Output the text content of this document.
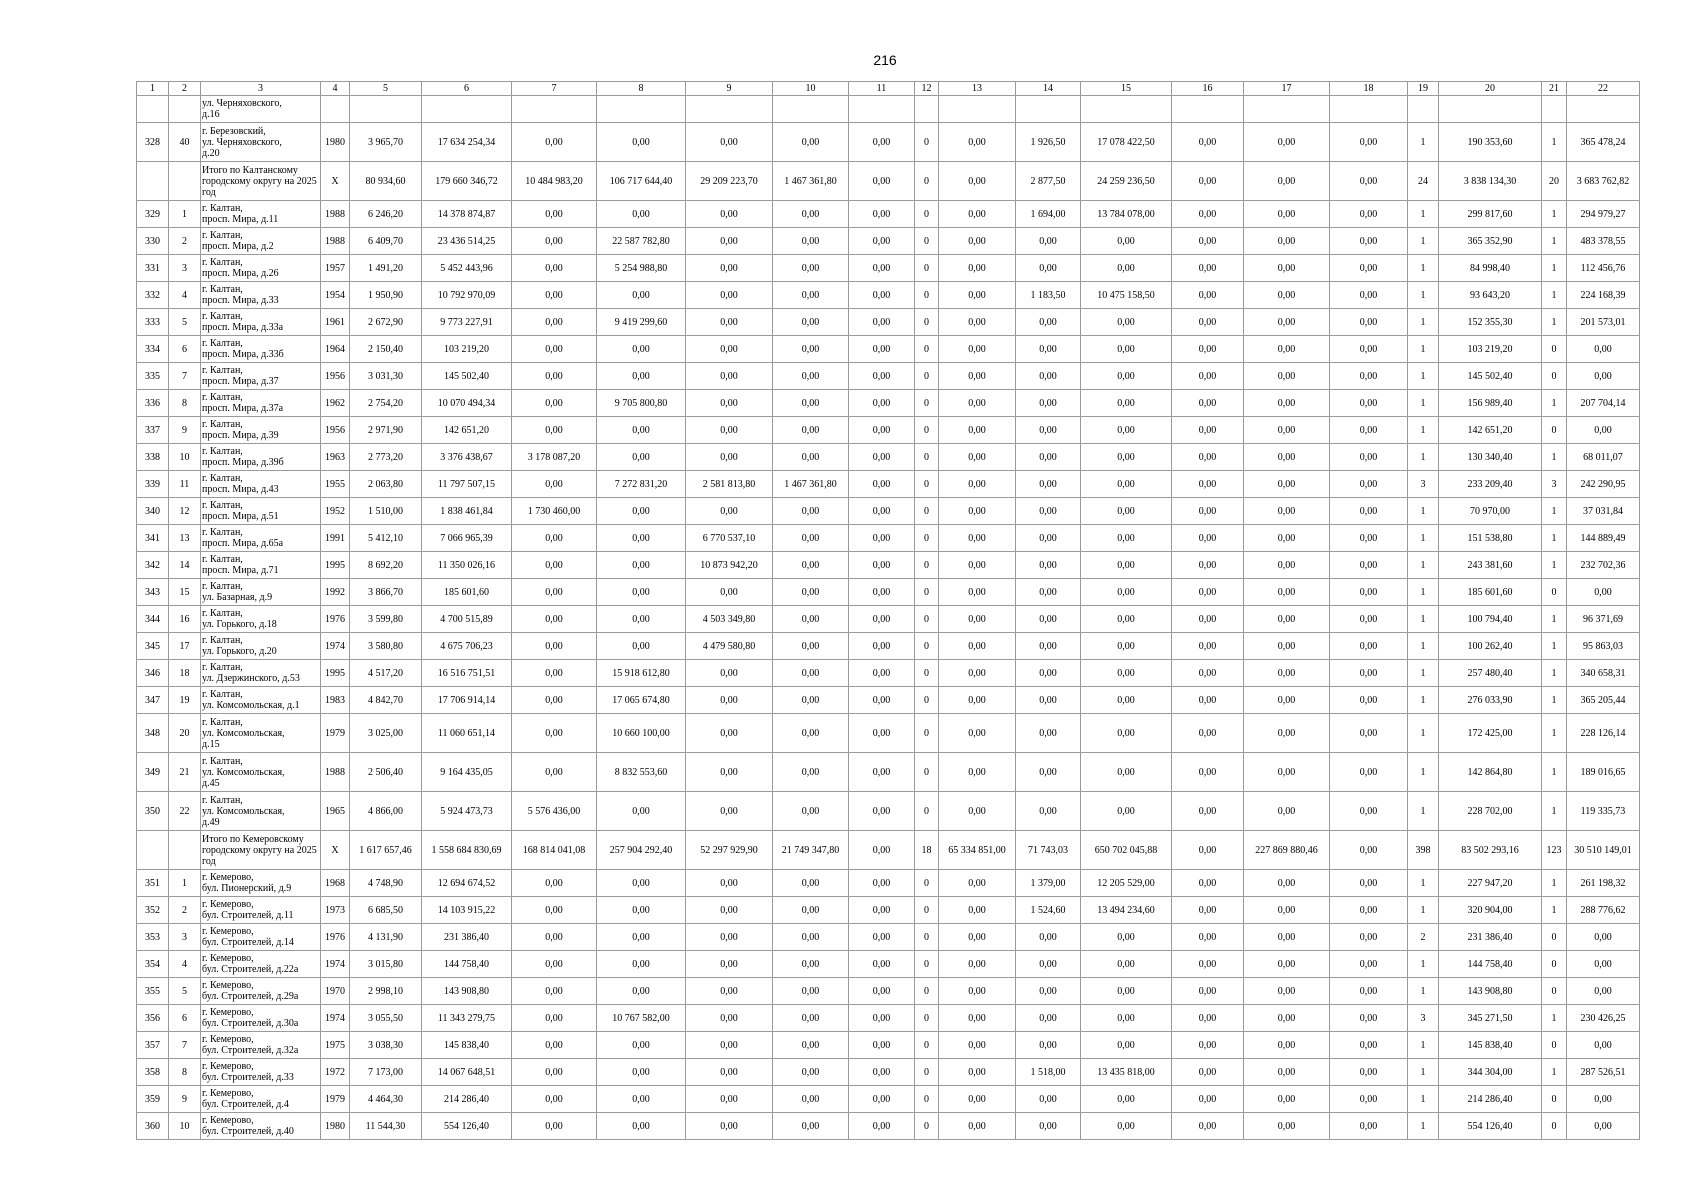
216
1	2	3	4	5	6	7	8	9	10	11	12	13	14	15	16	17	18	19	20	21	22
		ул. Черняховского,
д.16																			
328	40	г. Березовский,
ул. Черняховского,
д.20	1980	3 965,70	17 634 254,34	0,00	0,00	0,00	0,00	0,00	0	0,00	1 926,50	17 078 422,50	0,00	0,00	0,00	1	190 353,60	1	365 478,24
		Итого по Калтанскому
городскому округу на 2025
год	Х	80 934,60	179 660 346,72	10 484 983,20	106 717 644,40	29 209 223,70	1 467 361,80	0,00	0	0,00	2 877,50	24 259 236,50	0,00	0,00	0,00	24	3 838 134,30	20	3 683 762,82
329	1	г. Калтан,
просп. Мира, д.11	1988	6 246,20	14 378 874,87	0,00	0,00	0,00	0,00	0,00	0	0,00	1 694,00	13 784 078,00	0,00	0,00	0,00	1	299 817,60	1	294 979,27
330	2	г. Калтан,
просп. Мира, д.2	1988	6 409,70	23 436 514,25	0,00	22 587 782,80	0,00	0,00	0,00	0	0,00	0,00	0,00	0,00	0,00	0,00	1	365 352,90	1	483 378,55
331	3	г. Калтан,
просп. Мира, д.26	1957	1 491,20	5 452 443,96	0,00	5 254 988,80	0,00	0,00	0,00	0	0,00	0,00	0,00	0,00	0,00	0,00	1	84 998,40	1	112 456,76
332	4	г. Калтан,
просп. Мира, д.33	1954	1 950,90	10 792 970,09	0,00	0,00	0,00	0,00	0,00	0	0,00	1 183,50	10 475 158,50	0,00	0,00	0,00	1	93 643,20	1	224 168,39
333	5	г. Калтан,
просп. Мира, д.33а	1961	2 672,90	9 773 227,91	0,00	9 419 299,60	0,00	0,00	0,00	0	0,00	0,00	0,00	0,00	0,00	0,00	1	152 355,30	1	201 573,01
334	6	г. Калтан,
просп. Мира, д.33б	1964	2 150,40	103 219,20	0,00	0,00	0,00	0,00	0,00	0	0,00	0,00	0,00	0,00	0,00	0,00	1	103 219,20	0	0,00
335	7	г. Калтан,
просп. Мира, д.37	1956	3 031,30	145 502,40	0,00	0,00	0,00	0,00	0,00	0	0,00	0,00	0,00	0,00	0,00	0,00	1	145 502,40	0	0,00
336	8	г. Калтан,
просп. Мира, д.37а	1962	2 754,20	10 070 494,34	0,00	9 705 800,80	0,00	0,00	0,00	0	0,00	0,00	0,00	0,00	0,00	0,00	1	156 989,40	1	207 704,14
337	9	г. Калтан,
просп. Мира, д.39	1956	2 971,90	142 651,20	0,00	0,00	0,00	0,00	0,00	0	0,00	0,00	0,00	0,00	0,00	0,00	1	142 651,20	0	0,00
338	10	г. Калтан,
просп. Мира, д.39б	1963	2 773,20	3 376 438,67	3 178 087,20	0,00	0,00	0,00	0,00	0	0,00	0,00	0,00	0,00	0,00	0,00	1	130 340,40	1	68 011,07
339	11	г. Калтан,
просп. Мира, д.43	1955	2 063,80	11 797 507,15	0,00	7 272 831,20	2 581 813,80	1 467 361,80	0,00	0	0,00	0,00	0,00	0,00	0,00	0,00	3	233 209,40	3	242 290,95
340	12	г. Калтан,
просп. Мира, д.51	1952	1 510,00	1 838 461,84	1 730 460,00	0,00	0,00	0,00	0,00	0	0,00	0,00	0,00	0,00	0,00	0,00	1	70 970,00	1	37 031,84
341	13	г. Калтан,
просп. Мира, д.65а	1991	5 412,10	7 066 965,39	0,00	0,00	6 770 537,10	0,00	0,00	0	0,00	0,00	0,00	0,00	0,00	0,00	1	151 538,80	1	144 889,49
342	14	г. Калтан,
просп. Мира, д.71	1995	8 692,20	11 350 026,16	0,00	0,00	10 873 942,20	0,00	0,00	0	0,00	0,00	0,00	0,00	0,00	0,00	1	243 381,60	1	232 702,36
343	15	г. Калтан,
ул. Базарная, д.9	1992	3 866,70	185 601,60	0,00	0,00	0,00	0,00	0,00	0	0,00	0,00	0,00	0,00	0,00	0,00	1	185 601,60	0	0,00
344	16	г. Калтан,
ул. Горького, д.18	1976	3 599,80	4 700 515,89	0,00	0,00	4 503 349,80	0,00	0,00	0	0,00	0,00	0,00	0,00	0,00	0,00	1	100 794,40	1	96 371,69
345	17	г. Калтан,
ул. Горького, д.20	1974	3 580,80	4 675 706,23	0,00	0,00	4 479 580,80	0,00	0,00	0	0,00	0,00	0,00	0,00	0,00	0,00	1	100 262,40	1	95 863,03
346	18	г. Калтан,
ул. Дзержинского, д.53	1995	4 517,20	16 516 751,51	0,00	15 918 612,80	0,00	0,00	0,00	0	0,00	0,00	0,00	0,00	0,00	0,00	1	257 480,40	1	340 658,31
347	19	г. Калтан,
ул. Комсомольская, д.1	1983	4 842,70	17 706 914,14	0,00	17 065 674,80	0,00	0,00	0,00	0	0,00	0,00	0,00	0,00	0,00	0,00	1	276 033,90	1	365 205,44
348	20	г. Калтан,
ул. Комсомольская,
д.15	1979	3 025,00	11 060 651,14	0,00	10 660 100,00	0,00	0,00	0,00	0	0,00	0,00	0,00	0,00	0,00	0,00	1	172 425,00	1	228 126,14
349	21	г. Калтан,
ул. Комсомольская,
д.45	1988	2 506,40	9 164 435,05	0,00	8 832 553,60	0,00	0,00	0,00	0	0,00	0,00	0,00	0,00	0,00	0,00	1	142 864,80	1	189 016,65
350	22	г. Калтан,
ул. Комсомольская,
д.49	1965	4 866,00	5 924 473,73	5 576 436,00	0,00	0,00	0,00	0,00	0	0,00	0,00	0,00	0,00	0,00	0,00	1	228 702,00	1	119 335,73
		Итого по Кемеровскому
городскому округу на 2025
год	Х	1 617 657,46	1 558 684 830,69	168 814 041,08	257 904 292,40	52 297 929,90	21 749 347,80	0,00	18	65 334 851,00	71 743,03	650 702 045,88	0,00	227 869 880,46	0,00	398	83 502 293,16	123	30 510 149,01
351	1	г. Кемерово,
бул. Пионерский, д.9	1968	4 748,90	12 694 674,52	0,00	0,00	0,00	0,00	0,00	0	0,00	1 379,00	12 205 529,00	0,00	0,00	0,00	1	227 947,20	1	261 198,32
352	2	г. Кемерово,
бул. Строителей, д.11	1973	6 685,50	14 103 915,22	0,00	0,00	0,00	0,00	0,00	0	0,00	1 524,60	13 494 234,60	0,00	0,00	0,00	1	320 904,00	1	288 776,62
353	3	г. Кемерово,
бул. Строителей, д.14	1976	4 131,90	231 386,40	0,00	0,00	0,00	0,00	0,00	0	0,00	0,00	0,00	0,00	0,00	0,00	2	231 386,40	0	0,00
354	4	г. Кемерово,
бул. Строителей, д.22а	1974	3 015,80	144 758,40	0,00	0,00	0,00	0,00	0,00	0	0,00	0,00	0,00	0,00	0,00	0,00	1	144 758,40	0	0,00
355	5	г. Кемерово,
бул. Строителей, д.29а	1970	2 998,10	143 908,80	0,00	0,00	0,00	0,00	0,00	0	0,00	0,00	0,00	0,00	0,00	0,00	1	143 908,80	0	0,00
356	6	г. Кемерово,
бул. Строителей, д.30а	1974	3 055,50	11 343 279,75	0,00	10 767 582,00	0,00	0,00	0,00	0	0,00	0,00	0,00	0,00	0,00	0,00	3	345 271,50	1	230 426,25
357	7	г. Кемерово,
бул. Строителей, д.32а	1975	3 038,30	145 838,40	0,00	0,00	0,00	0,00	0,00	0	0,00	0,00	0,00	0,00	0,00	0,00	1	145 838,40	0	0,00
358	8	г. Кемерово,
бул. Строителей, д.33	1972	7 173,00	14 067 648,51	0,00	0,00	0,00	0,00	0,00	0	0,00	1 518,00	13 435 818,00	0,00	0,00	0,00	1	344 304,00	1	287 526,51
359	9	г. Кемерово,
бул. Строителей, д.4	1979	4 464,30	214 286,40	0,00	0,00	0,00	0,00	0,00	0	0,00	0,00	0,00	0,00	0,00	0,00	1	214 286,40	0	0,00
360	10	г. Кемерово,
бул. Строителей, д.40	1980	11 544,30	554 126,40	0,00	0,00	0,00	0,00	0,00	0	0,00	0,00	0,00	0,00	0,00	0,00	1	554 126,40	0	0,00
